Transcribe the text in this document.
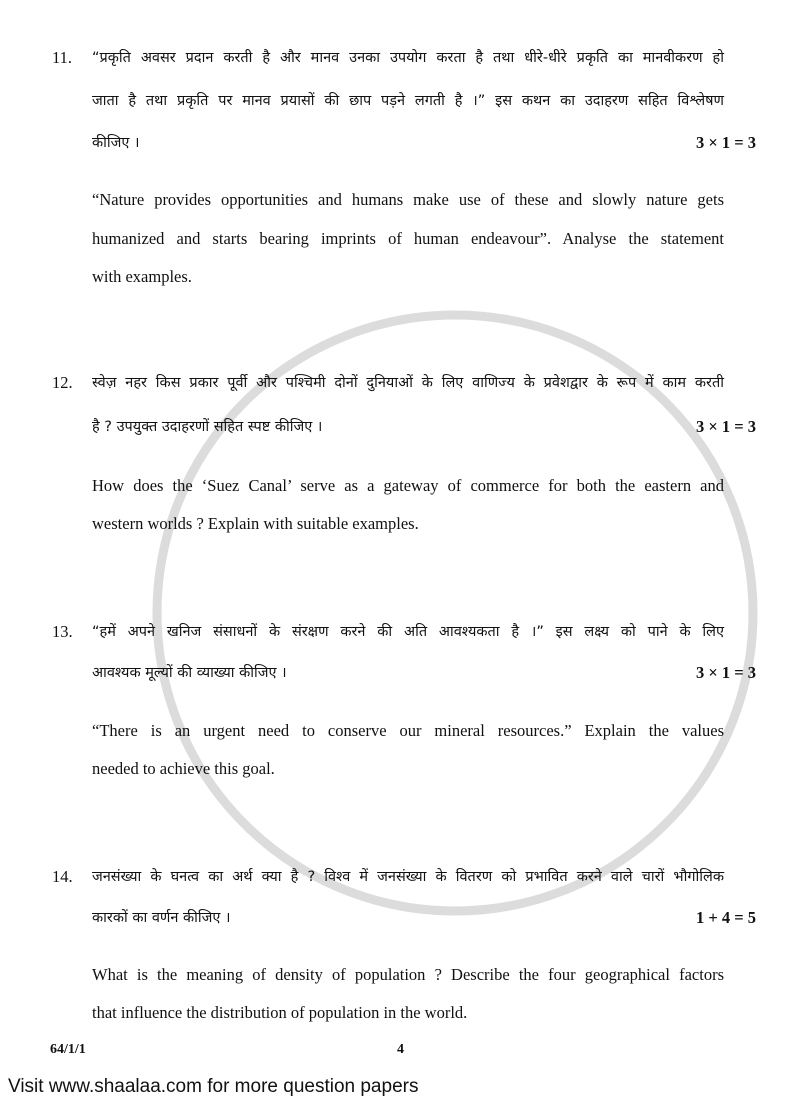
11. “प्रकृति अवसर प्रदान करती है और मानव उनका उपयोग करता है तथा धीरे-धीरे प्रकृति का मानवीकरण हो
जाता है तथा प्रकृति पर मानव प्रयासों की छाप पड़ने लगती है ।” इस कथन का उदाहरण सहित विश्लेषण
कीजिए ।	3 × 1 = 3
“Nature provides opportunities and humans make use of these and slowly nature gets
humanized and starts bearing imprints of human endeavour”. Analyse the statement
with examples.
12. स्वेज़ नहर किस प्रकार पूर्वी और पश्चिमी दोनों दुनियाओं के लिए वाणिज्य के प्रवेशद्वार के रूप में काम करती
है ? उपयुक्त उदाहरणों सहित स्पष्ट कीजिए ।	3 × 1 = 3
How does the ‘Suez Canal’ serve as a gateway of commerce for both the eastern and
western worlds ? Explain with suitable examples.
13. “हमें अपने खनिज संसाधनों के संरक्षण करने की अति आवश्यकता है ।” इस लक्ष्य को पाने के लिए
आवश्यक मूल्यों की व्याख्या कीजिए ।	3 × 1 = 3
“There is an urgent need to conserve our mineral resources.” Explain the values
needed to achieve this goal.
14. जनसंख्या के घनत्व का अर्थ क्या है ? विश्व में जनसंख्या के वितरण को प्रभावित करने वाले चारों भौगोलिक
कारकों का वर्णन कीजिए ।	1 + 4 = 5
What is the meaning of density of population ? Describe the four geographical factors
that influence the distribution of population in the world.
64/1/1	4
Visit www.shaalaa.com for more question papers
